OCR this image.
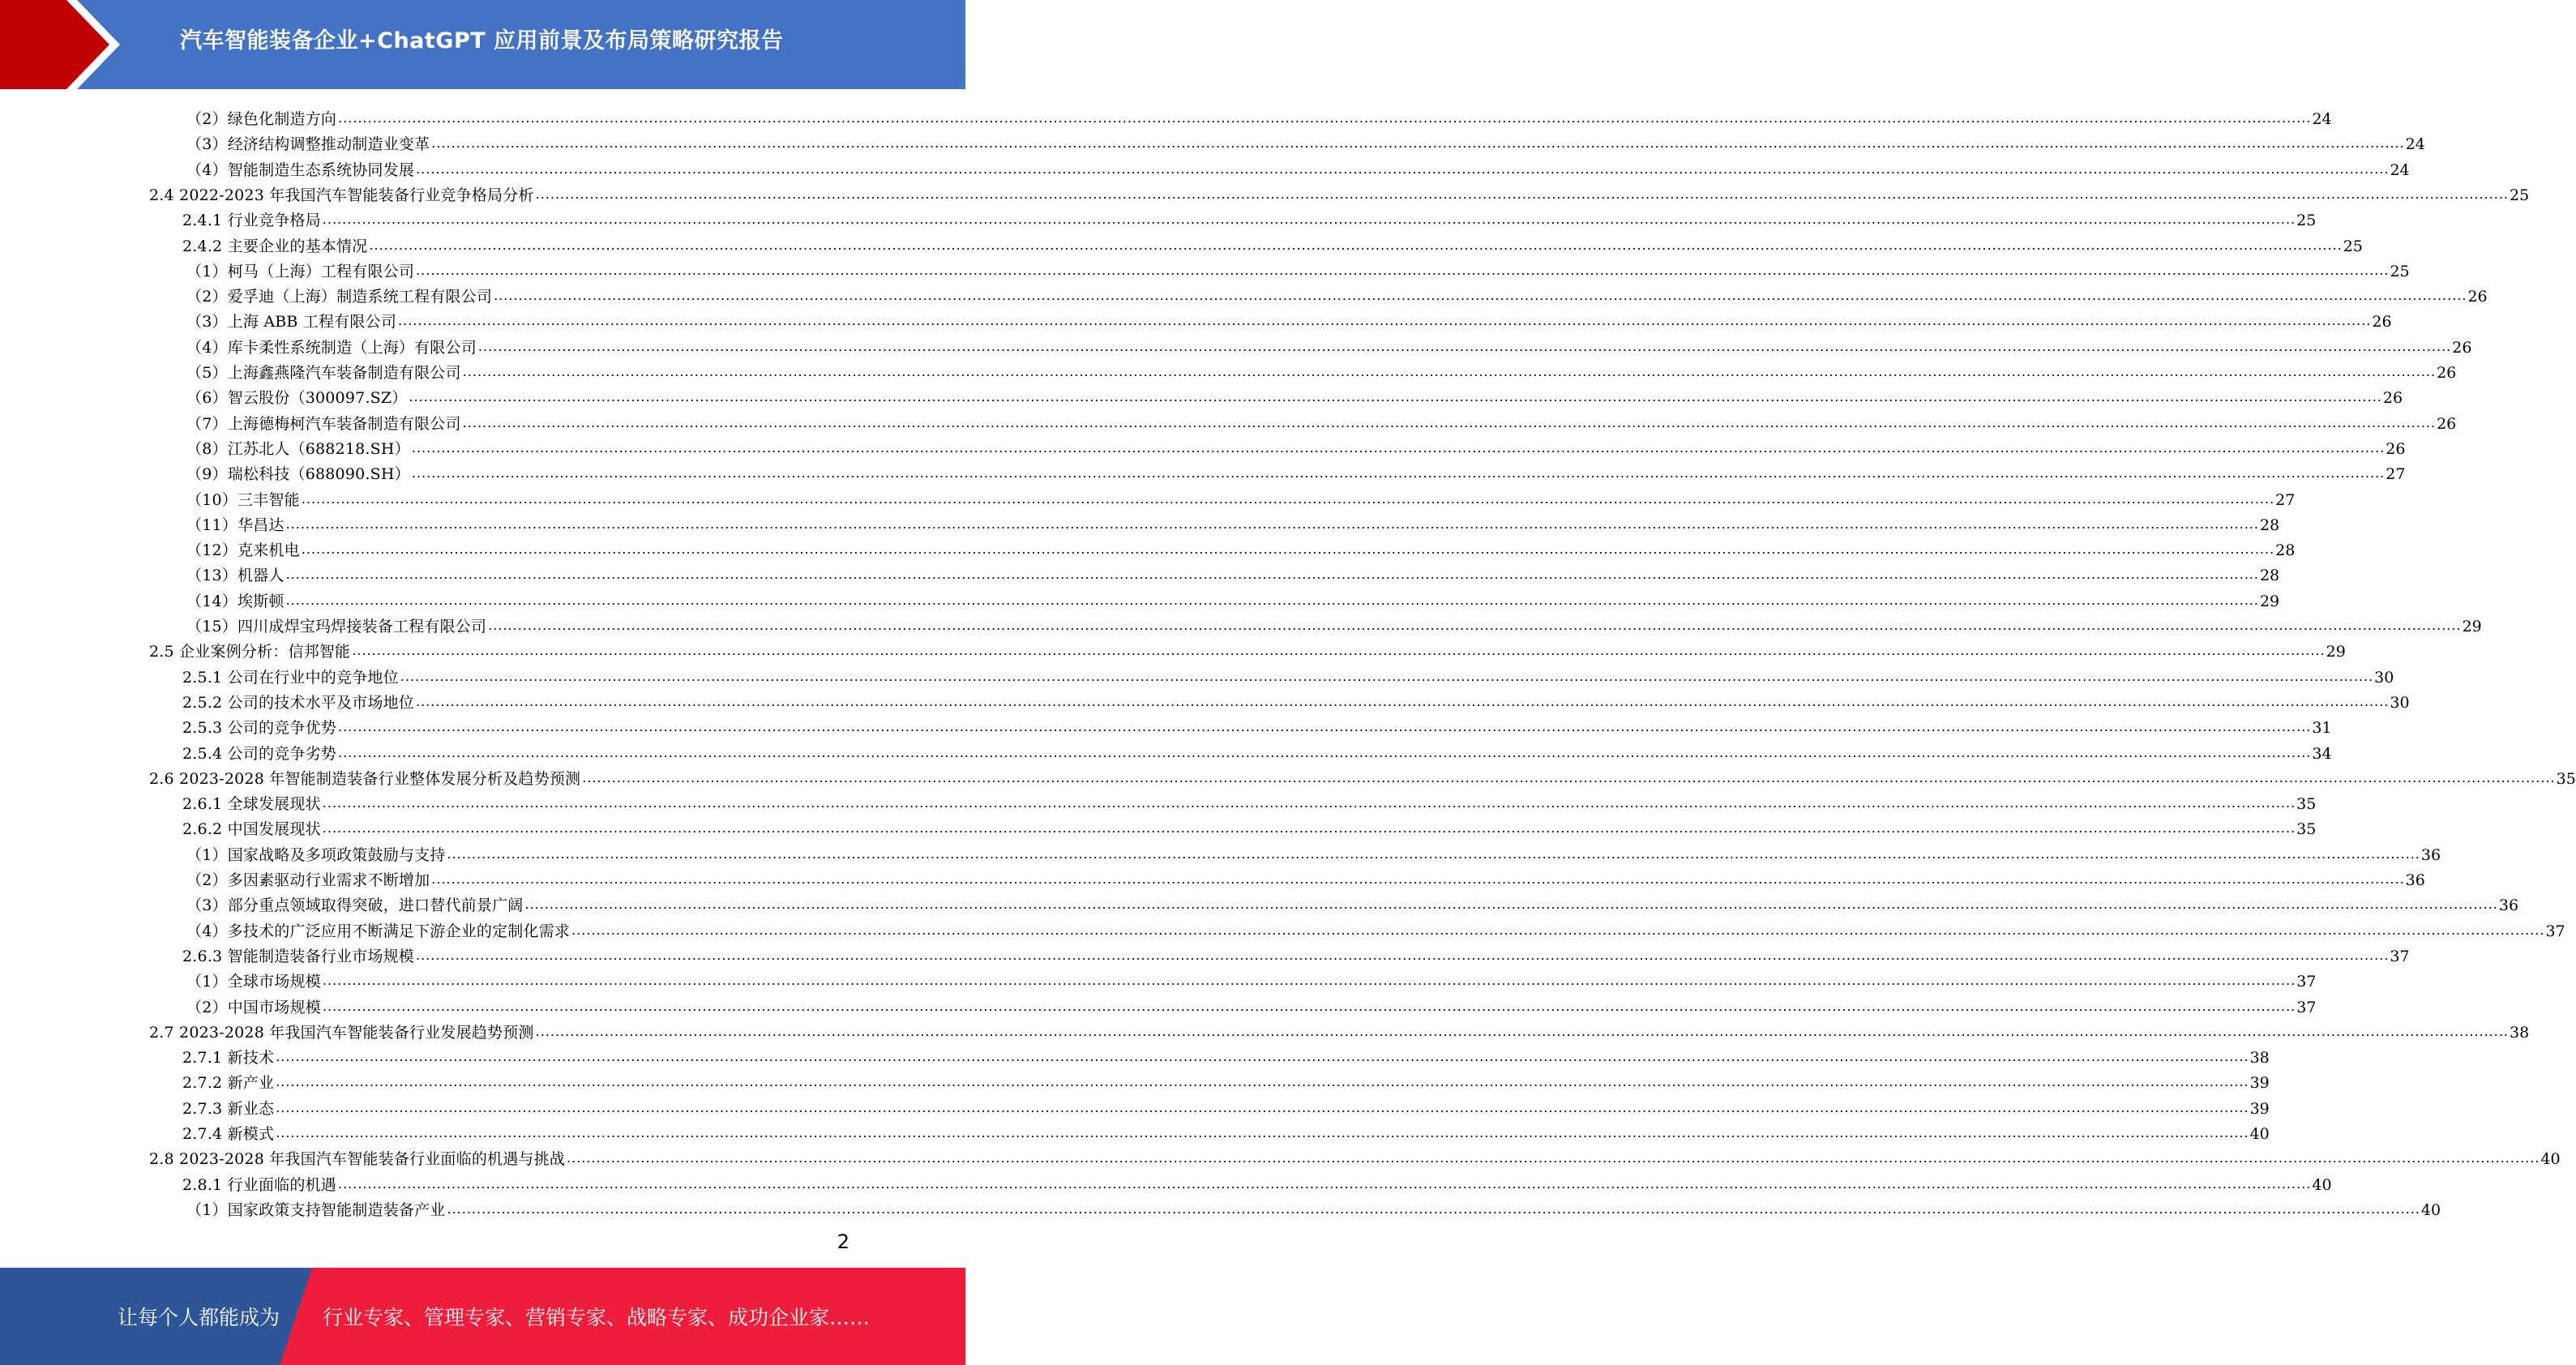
汽车智能装备企业+ChatGPT 应用前景及布局策略研究报告
（2）绿色化制造方向 ................................................................................................................................................................................................................................................................................................................................................................................................................ 24
（3）经济结构调整推动制造业变革 ................................................................................................................................................................................................................................................................................................................................................................................................................ 24
（4）智能制造生态系统协同发展 ................................................................................................................................................................................................................................................................................................................................................................................................................ 24
2.4 2022-2023 年我国汽车智能装备行业竞争格局分析 ................................................................................................................................................................................................................................................................................................................................................................................................................ 25
2.4.1 行业竞争格局 ................................................................................................................................................................................................................................................................................................................................................................................................................ 25
2.4.2 主要企业的基本情况 ................................................................................................................................................................................................................................................................................................................................................................................................................ 25
（1）柯马（上海）工程有限公司 ................................................................................................................................................................................................................................................................................................................................................................................................................ 25
（2）爱孚迪（上海）制造系统工程有限公司 ................................................................................................................................................................................................................................................................................................................................................................................................................ 26
（3）上海 ABB 工程有限公司 ................................................................................................................................................................................................................................................................................................................................................................................................................ 26
（4）库卡柔性系统制造（上海）有限公司 ................................................................................................................................................................................................................................................................................................................................................................................................................ 26
（5）上海鑫燕隆汽车装备制造有限公司 ................................................................................................................................................................................................................................................................................................................................................................................................................ 26
（6）智云股份（300097.SZ） ................................................................................................................................................................................................................................................................................................................................................................................................................ 26
（7）上海德梅柯汽车装备制造有限公司 ................................................................................................................................................................................................................................................................................................................................................................................................................ 26
（8）江苏北人（688218.SH） ................................................................................................................................................................................................................................................................................................................................................................................................................ 26
（9）瑞松科技（688090.SH） ................................................................................................................................................................................................................................................................................................................................................................................................................ 27
（10）三丰智能 ................................................................................................................................................................................................................................................................................................................................................................................................................ 27
（11）华昌达 ................................................................................................................................................................................................................................................................................................................................................................................................................ 28
（12）克来机电 ................................................................................................................................................................................................................................................................................................................................................................................................................ 28
（13）机器人 ................................................................................................................................................................................................................................................................................................................................................................................................................ 28
（14）埃斯顿 ................................................................................................................................................................................................................................................................................................................................................................................................................ 29
（15）四川成焊宝玛焊接装备工程有限公司 ................................................................................................................................................................................................................................................................................................................................................................................................................ 29
2.5 企业案例分析：信邦智能 ................................................................................................................................................................................................................................................................................................................................................................................................................ 29
2.5.1 公司在行业中的竞争地位 ................................................................................................................................................................................................................................................................................................................................................................................................................ 30
2.5.2 公司的技术水平及市场地位 ................................................................................................................................................................................................................................................................................................................................................................................................................ 30
2.5.3 公司的竞争优势 ................................................................................................................................................................................................................................................................................................................................................................................................................ 31
2.5.4 公司的竞争劣势 ................................................................................................................................................................................................................................................................................................................................................................................................................ 34
2.6 2023-2028 年智能制造装备行业整体发展分析及趋势预测 ................................................................................................................................................................................................................................................................................................................................................................................................................ 35
2.6.1 全球发展现状 ................................................................................................................................................................................................................................................................................................................................................................................................................ 35
2.6.2 中国发展现状 ................................................................................................................................................................................................................................................................................................................................................................................................................ 35
（1）国家战略及多项政策鼓励与支持 ................................................................................................................................................................................................................................................................................................................................................................................................................ 36
（2）多因素驱动行业需求不断增加 ................................................................................................................................................................................................................................................................................................................................................................................................................ 36
（3）部分重点领域取得突破，进口替代前景广阔 ................................................................................................................................................................................................................................................................................................................................................................................................................ 36
（4）多技术的广泛应用不断满足下游企业的定制化需求 ................................................................................................................................................................................................................................................................................................................................................................................................................ 37
2.6.3 智能制造装备行业市场规模 ................................................................................................................................................................................................................................................................................................................................................................................................................ 37
（1）全球市场规模 ................................................................................................................................................................................................................................................................................................................................................................................................................ 37
（2）中国市场规模 ................................................................................................................................................................................................................................................................................................................................................................................................................ 37
2.7 2023-2028 年我国汽车智能装备行业发展趋势预测 ................................................................................................................................................................................................................................................................................................................................................................................................................ 38
2.7.1 新技术 ................................................................................................................................................................................................................................................................................................................................................................................................................ 38
2.7.2 新产业 ................................................................................................................................................................................................................................................................................................................................................................................................................ 39
2.7.3 新业态 ................................................................................................................................................................................................................................................................................................................................................................................................................ 39
2.7.4 新模式 ................................................................................................................................................................................................................................................................................................................................................................................................................ 40
2.8 2023-2028 年我国汽车智能装备行业面临的机遇与挑战 ................................................................................................................................................................................................................................................................................................................................................................................................................ 40
2.8.1 行业面临的机遇 ................................................................................................................................................................................................................................................................................................................................................................................................................ 40
（1）国家政策支持智能制造装备产业 ................................................................................................................................................................................................................................................................................................................................................................................................................ 40
2
让每个人都能成为 行业专家、管理专家、营销专家、战略专家、成功企业家……
